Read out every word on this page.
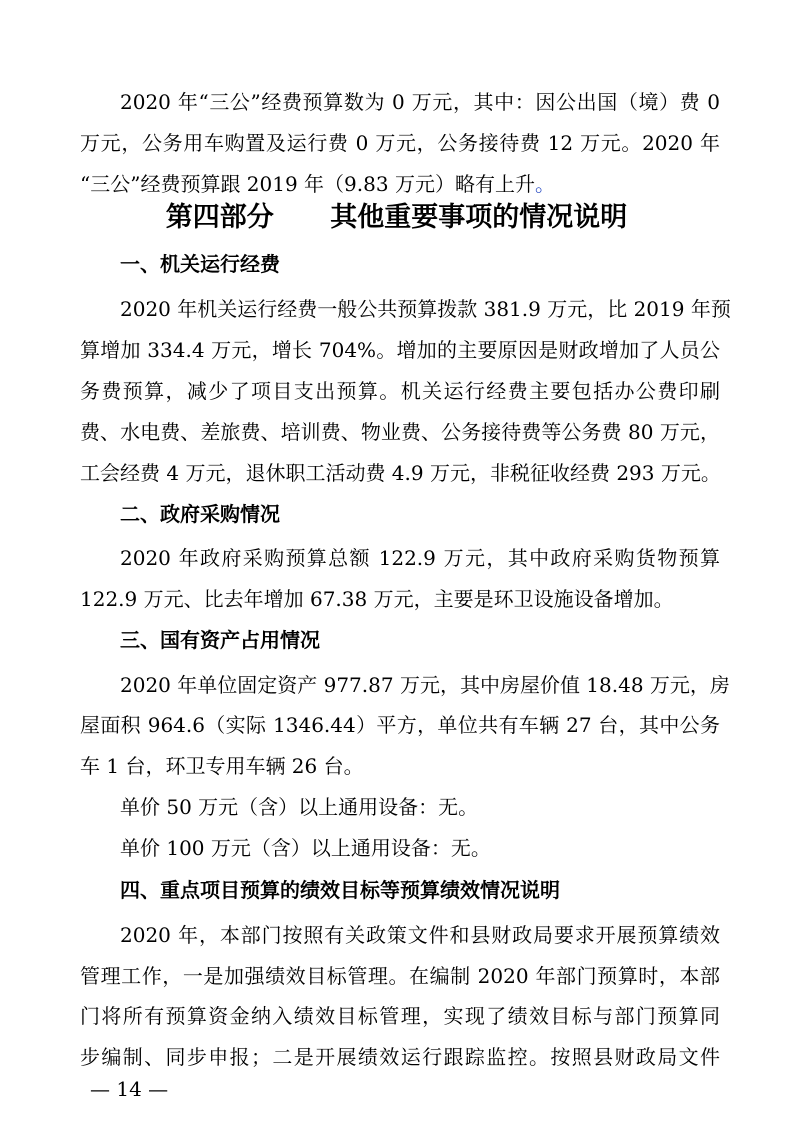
2020 年“三公”经费预算数为 0 万元，其中：因公出国（境）费 0
万元，公务用车购置及运行费 0 万元，公务接待费 12 万元。2020 年
“三公”经费预算跟 2019 年（9.83 万元）略有上升。
第四部分      其他重要事项的情况说明
一、机关运行经费
2020 年机关运行经费一般公共预算拨款 381.9 万元，比 2019 年预
算增加 334.4 万元，增长 704%。增加的主要原因是财政增加了人员公
务费预算，减少了项目支出预算。机关运行经费主要包括办公费印刷
费、水电费、差旅费、培训费、物业费、公务接待费等公务费 80 万元，
工会经费 4 万元，退休职工活动费 4.9 万元，非税征收经费 293 万元。
二、政府采购情况
2020 年政府采购预算总额 122.9 万元，其中政府采购货物预算
122.9 万元、比去年增加 67.38 万元，主要是环卫设施设备增加。
三、国有资产占用情况
2020 年单位固定资产 977.87 万元，其中房屋价值 18.48 万元，房
屋面积 964.6（实际 1346.44）平方，单位共有车辆 27 台，其中公务
车 1 台，环卫专用车辆 26 台。
单价 50 万元（含）以上通用设备：无。
单价 100 万元（含）以上通用设备：无。
四、重点项目预算的绩效目标等预算绩效情况说明
2020 年，本部门按照有关政策文件和县财政局要求开展预算绩效
管理工作，一是加强绩效目标管理。在编制 2020 年部门预算时，本部
门将所有预算资金纳入绩效目标管理，实现了绩效目标与部门预算同
步编制、同步申报；二是开展绩效运行跟踪监控。按照县财政局文件
— 14 —
